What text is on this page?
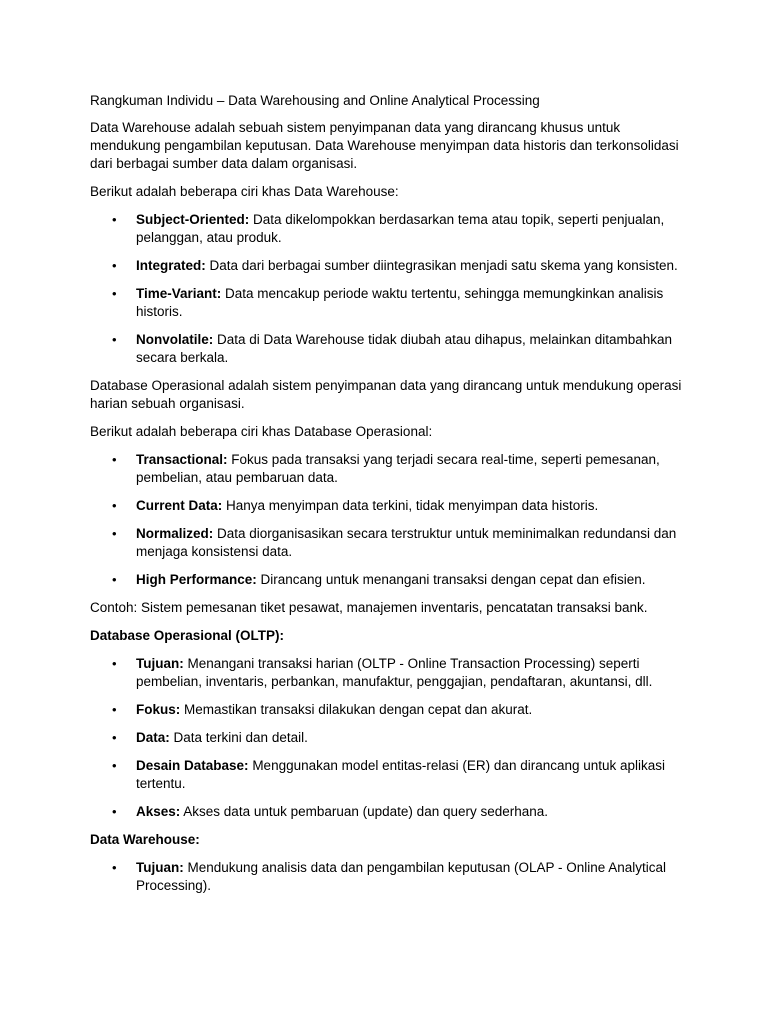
Rangkuman Individu – Data Warehousing and Online Analytical Processing

Data Warehouse adalah sebuah sistem penyimpanan data yang dirancang khusus untuk mendukung pengambilan keputusan. Data Warehouse menyimpan data historis dan terkonsolidasi dari berbagai sumber data dalam organisasi.

Berikut adalah beberapa ciri khas Data Warehouse:

• Subject-Oriented: Data dikelompokkan berdasarkan tema atau topik, seperti penjualan, pelanggan, atau produk.
• Integrated: Data dari berbagai sumber diintegrasikan menjadi satu skema yang konsisten.
• Time-Variant: Data mencakup periode waktu tertentu, sehingga memungkinkan analisis historis.
• Nonvolatile: Data di Data Warehouse tidak diubah atau dihapus, melainkan ditambahkan secara berkala.

Database Operasional adalah sistem penyimpanan data yang dirancang untuk mendukung operasi harian sebuah organisasi.

Berikut adalah beberapa ciri khas Database Operasional:

• Transactional: Fokus pada transaksi yang terjadi secara real-time, seperti pemesanan, pembelian, atau pembaruan data.
• Current Data: Hanya menyimpan data terkini, tidak menyimpan data historis.
• Normalized: Data diorganisasikan secara terstruktur untuk meminimalkan redundansi dan menjaga konsistensi data.
• High Performance: Dirancang untuk menangani transaksi dengan cepat dan efisien.

Contoh: Sistem pemesanan tiket pesawat, manajemen inventaris, pencatatan transaksi bank.

Database Operasional (OLTP):

• Tujuan: Menangani transaksi harian (OLTP - Online Transaction Processing) seperti pembelian, inventaris, perbankan, manufaktur, penggajian, pendaftaran, akuntansi, dll.
• Fokus: Memastikan transaksi dilakukan dengan cepat dan akurat.
• Data: Data terkini dan detail.
• Desain Database: Menggunakan model entitas-relasi (ER) dan dirancang untuk aplikasi tertentu.
• Akses: Akses data untuk pembaruan (update) dan query sederhana.

Data Warehouse:

• Tujuan: Mendukung analisis data dan pengambilan keputusan (OLAP - Online Analytical Processing).
